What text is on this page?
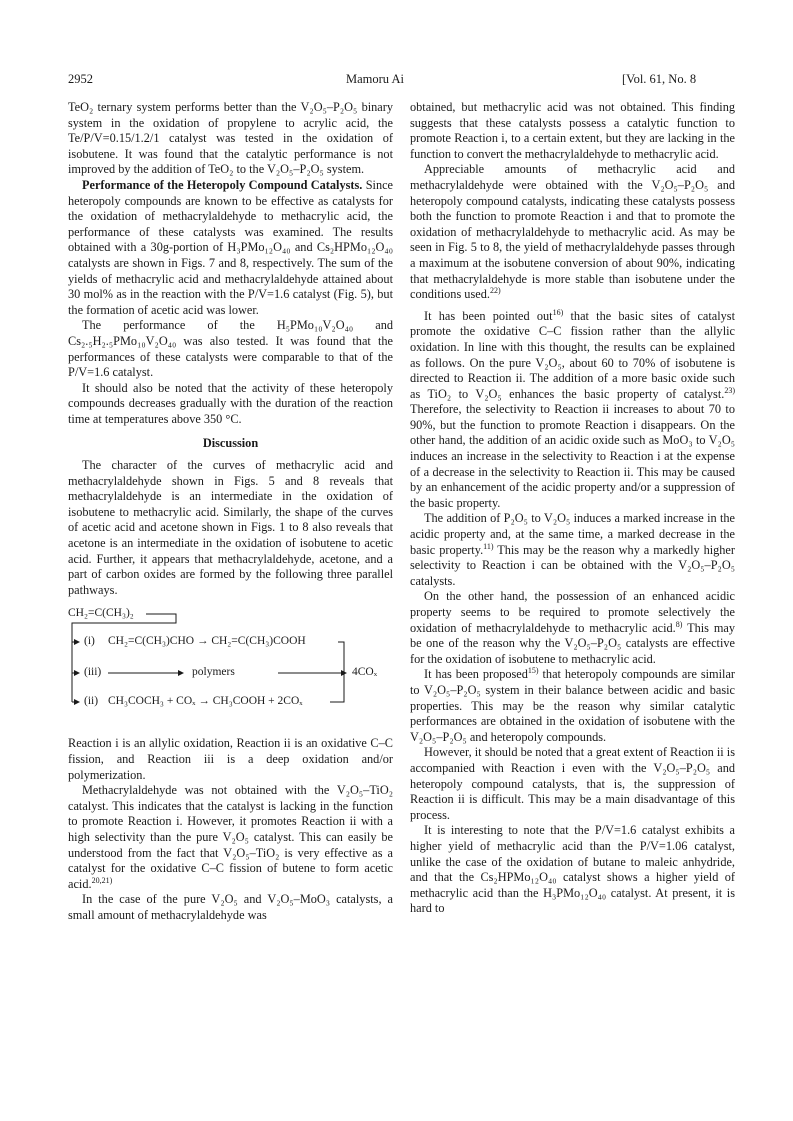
2952	Mamoru Ai	[Vol. 61, No. 8

TeO₂ ternary system performs better than the V₂O₅–P₂O₅ binary system in the oxidation of propylene to acrylic acid, the Te/P/V=0.15/1.2/1 catalyst was tested in the oxidation of isobutene. It was found that the catalytic performance is not improved by the addition of TeO₂ to the V₂O₅–P₂O₅ system.

Performance of the Heteropoly Compound Catalysts. Since heteropoly compounds are known to be effective as catalysts for the oxidation of methacrylaldehyde to methacrylic acid, the performance of these catalysts was examined. The results obtained with a 30g-portion of H₃PMo₁₂O₄₀ and Cs₂HPMo₁₂O₄₀ catalysts are shown in Figs. 7 and 8, respectively. The sum of the yields of methacrylic acid and methacrylaldehyde attained about 30 mol% as in the reaction with the P/V=1.6 catalyst (Fig. 5), but the formation of acetic acid was lower.

The performance of the H₅PMo₁₀V₂O₄₀ and Cs₂.₅H₂.₅PMo₁₀V₂O₄₀ was also tested. It was found that the performances of these catalysts were comparable to that of the P/V=1.6 catalyst.

It should also be noted that the activity of these heteropoly compounds decreases gradually with the duration of the reaction time at temperatures above 350 °C.

Discussion

The character of the curves of methacrylic acid and methacrylaldehyde shown in Figs. 5 and 8 reveals that methacrylaldehyde is an intermediate in the oxidation of isobutene to methacrylic acid. Similarly, the shape of the curves of acetic acid and acetone shown in Figs. 1 to 8 also reveals that acetone is an intermediate in the oxidation of isobutene to acetic acid. Further, it appears that methacrylaldehyde, acetone, and a part of carbon oxides are formed by the following three parallel pathways.

CH₂=C(CH₃)₂
(i) CH₂=C(CH₃)CHO → CH₂=C(CH₃)COOH
(iii)	polymers	4COₓ
(ii) CH₃COCH₃ + COₓ → CH₃COOH + 2COₓ

Reaction i is an allylic oxidation, Reaction ii is an oxidative C–C fission, and Reaction iii is a deep oxidation and/or polymerization.

Methacrylaldehyde was not obtained with the V₂O₅–TiO₂ catalyst. This indicates that the catalyst is lacking in the function to promote Reaction i. However, it promotes Reaction ii with a high selectivity than the pure V₂O₅ catalyst. This can easily be understood from the fact that V₂O₅–TiO₂ is very effective as a catalyst for the oxidative C–C fission of butene to form acetic acid.$^{20,21)}$

In the case of the pure V₂O₅ and V₂O₅–MoO₃ catalysts, a small amount of methacrylaldehyde was

obtained, but methacrylic acid was not obtained. This finding suggests that these catalysts possess a catalytic function to promote Reaction i, to a certain extent, but they are lacking in the function to convert the methacrylaldehyde to methacrylic acid.

Appreciable amounts of methacrylic acid and methacrylaldehyde were obtained with the V₂O₅–P₂O₅ and heteropoly compound catalysts, indicating these catalysts possess both the function to promote Reaction i and that to promote the oxidation of methacrylaldehyde to methacrylic acid. As may be seen in Fig. 5 to 8, the yield of methacrylaldehyde passes through a maximum at the isobutene conversion of about 90%, indicating that methacrylaldehyde is more stable than isobutene under the conditions used.$^{22)}$

It has been pointed out$^{16)}$ that the basic sites of catalyst promote the oxidative C–C fission rather than the allylic oxidation. In line with this thought, the results can be explained as follows. On the pure V₂O₅, about 60 to 70% of isobutene is directed to Reaction ii. The addition of a more basic oxide such as TiO₂ to V₂O₅ enhances the basic property of catalyst.$^{23)}$ Therefore, the selectivity to Reaction ii increases to about 70 to 90%, but the function to promote Reaction i disappears. On the other hand, the addition of an acidic oxide such as MoO₃ to V₂O₅ induces an increase in the selectivity to Reaction i at the expense of a decrease in the selectivity to Reaction ii. This may be caused by an enhancement of the acidic property and/or a suppression of the basic property.

The addition of P₂O₅ to V₂O₅ induces a marked increase in the acidic property and, at the same time, a marked decrease in the basic property.$^{11)}$ This may be the reason why a markedly higher selectivity to Reaction i can be obtained with the V₂O₅–P₂O₅ catalysts.

On the other hand, the possession of an enhanced acidic property seems to be required to promote selectively the oxidation of methacrylaldehyde to methacrylic acid.$^{8)}$ This may be one of the reason why the V₂O₅–P₂O₅ catalysts are effective for the oxidation of isobutene to methacrylic acid.

It has been proposed$^{15)}$ that heteropoly compounds are similar to V₂O₅–P₂O₅ system in their balance between acidic and basic properties. This may be the reason why similar catalytic performances are obtained in the oxidation of isobutene with the V₂O₅–P₂O₅ and heteropoly compounds.

However, it should be noted that a great extent of Reaction ii is accompanied with Reaction i even with the V₂O₅–P₂O₅ and heteropoly compound catalysts, that is, the suppression of Reaction ii is difficult. This may be a main disadvantage of this process.

It is interesting to note that the P/V=1.6 catalyst exhibits a higher yield of methacrylic acid than the P/V=1.06 catalyst, unlike the case of the oxidation of butane to maleic anhydride, and that the Cs₂HPMo₁₂O₄₀ catalyst shows a higher yield of methacrylic acid than the H₃PMo₁₂O₄₀ catalyst. At present, it is hard to
